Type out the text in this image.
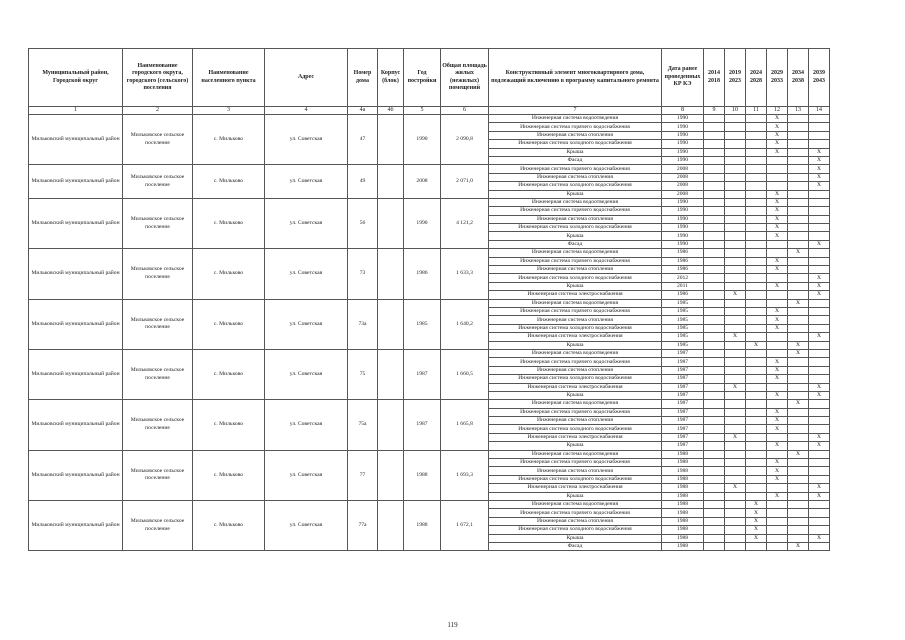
Муниципальный район, Городской округ	Наименование городского округа, городского (сельского) поселения	Наименование населенного пункта	Адрес	Номер дома	Корпус (блок)	Год постройки	Общая площадь жилых (нежилых) помещений	Конструктивный элемент многоквартирного дома, подлежащий включению в программу капитального ремонта	Дата ранее проведенных КР КЭ	2014 2018	2019 2023	2024 2028	2029 2033	2034 2038	2039 2043
1	2	3	4	4а	4б	5	6	7	8	9	10	11	12	13	14
Мильковский муниципальный район	Мильковское сельское поселение	с. Мильково	ул. Советская	47		1990	2 090,8	Инженерная система водоотведения	1990				X		
								Инженерная система горячего водоснабжения	1990				X		
								Инженерная система отопления	1990				X		
								Инженерная система холодного водоснабжения	1990				X		
								Крыша	1990				X		X
								Фасад	1990						X
Мильковский муниципальный район	Мильковское сельское поселение	с. Мильково	ул. Советская	49		2008	2 071,0	Инженерная система горячего водоснабжения	2008						X
								Инженерная система отопления	2008						X
								Инженерная система холодного водоснабжения	2008						X
								Крыша	2008				X		
Мильковский муниципальный район	Мильковское сельское поселение	с. Мильково	ул. Советская	56		1990	4 121,2	Инженерная система водоотведения	1990				X		
								Инженерная система горячего водоснабжения	1990				X		
								Инженерная система отопления	1990				X		
								Инженерная система холодного водоснабжения	1990				X		
								Крыша	1990				X		
								Фасад	1990						X
Мильковский муниципальный район	Мильковское сельское поселение	с. Мильково	ул. Советская	73		1986	1 633,3	Инженерная система водоотведения	1986					X	
								Инженерная система горячего водоснабжения	1986				X		
								Инженерная система отопления	1986				X		
								Инженерная система холодного водоснабжения	2012						X
								Крыша	2011				X		X
								Инженерная система электроснабжения	1986		X				X
Мильковский муниципальный район	Мильковское сельское поселение	с. Мильково	ул. Советская	73а		1985	1 640,2	Инженерная система водоотведения	1985					X	
								Инженерная система горячего водоснабжения	1985				X		
								Инженерная система отопления	1985				X		
								Инженерная система холодного водоснабжения	1985				X		
								Инженерная система электроснабжения	1985		X				X
								Крыша	1985			X		X	
Мильковский муниципальный район	Мильковское сельское поселение	с. Мильково	ул. Советская	75		1987	1 660,5	Инженерная система водоотведения	1987					X	
								Инженерная система горячего водоснабжения	1987				X		
								Инженерная система отопления	1987				X		
								Инженерная система холодного водоснабжения	1987				X		
								Инженерная система электроснабжения	1987		X				X
								Крыша	1987				X		X
Мильковский муниципальный район	Мильковское сельское поселение	с. Мильково	ул. Советская	75а		1987	1 665,8	Инженерная система водоотведения	1987					X	
								Инженерная система горячего водоснабжения	1987				X		
								Инженерная система отопления	1987				X		
								Инженерная система холодного водоснабжения	1987				X		
								Инженерная система электроснабжения	1987		X				X
								Крыша	1987				X		X
Мильковский муниципальный район	Мильковское сельское поселение	с. Мильково	ул. Советская	77		1988	1 693,3	Инженерная система водоотведения	1988					X	
								Инженерная система горячего водоснабжения	1988				X		
								Инженерная система отопления	1988				X		
								Инженерная система холодного водоснабжения	1988				X		
								Инженерная система электроснабжения	1988		X				X
								Крыша	1988				X		X
Мильковский муниципальный район	Мильковское сельское поселение	с. Мильково	ул. Советская	77а		1988	1 672,1	Инженерная система водоотведения	1988			X			
								Инженерная система горячего водоснабжения	1988			X			
								Инженерная система отопления	1988			X			
								Инженерная система холодного водоснабжения	1988			X			
								Крыша	1988			X			X
								Фасад	1988					X	
119
